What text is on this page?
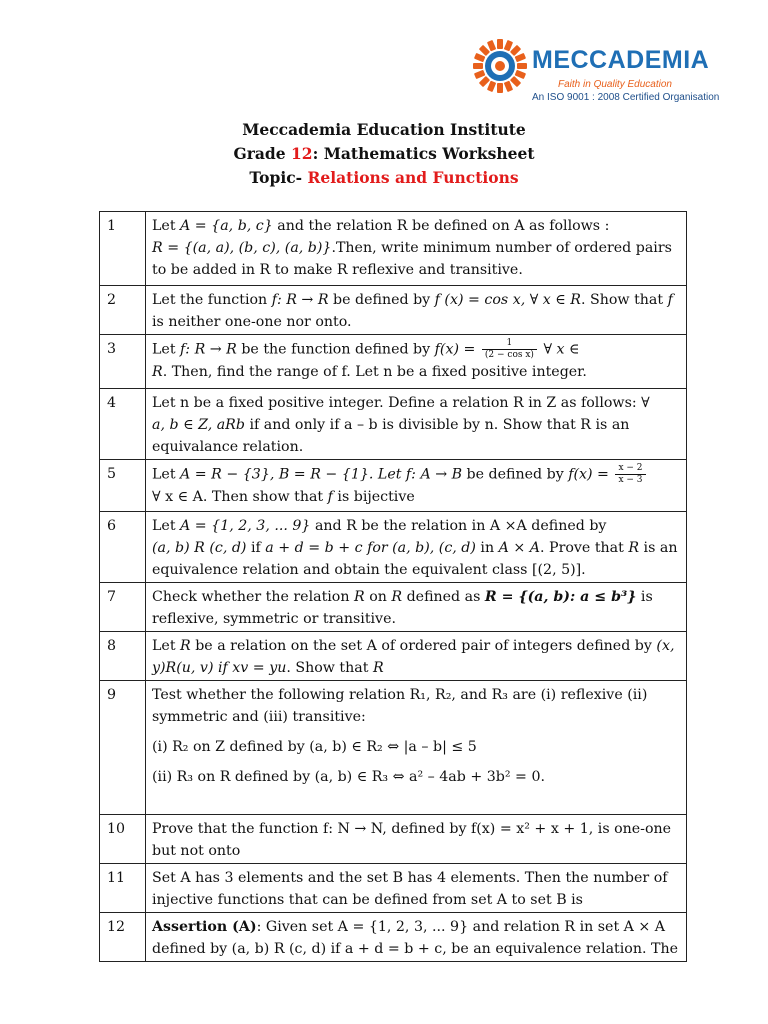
MECCADEMIA
Faith in Quality Education
An ISO 9001 : 2008 Certified Organisation
Meccademia Education Institute
Grade 12: Mathematics Worksheet
Topic- Relations and Functions
1	Let A = {a, b, c} and the relation R be defined on A as follows :
R = {(a, a), (b, c), (a, b)}.Then, write minimum number of ordered pairs to be added in R to make R reflexive and transitive.
2	Let the function f: R → R be defined by f (x) = cos x, ∀ x ∈ R. Show that f is neither one-one nor onto.
3	Let f: R → R be the function defined by $f(x) = \frac{1}{\text{(2 − cos x)}}$ ∀ x ∈
R. Then, find the range of f. Let n be a fixed positive integer.
4	Let n be a fixed positive integer. Define a relation R in Z as follows: ∀
a, b ∈ Z, aRb if and only if a – b is divisible by n. Show that R is an equivalance relation.
5	Let A = R − {3}, B = R − {1}. Let f: A → B be defined by $f(x) = \frac{x - 2}{x - 3}$

∀ x ∈ A. Then show that f is bijective
6	Let A = {1, 2, 3, ... 9} and R be the relation in A ×A defined by
(a, b) R (c, d) if a + d = b + c for (a, b), (c, d) in A × A. Prove that R is an equivalence relation and obtain the equivalent class [(2, 5)].
7	Check whether the relation R on R defined as R = {(a, b): a ≤ b³} is reflexive, symmetric or transitive.
8	Let R be a relation on the set A of ordered pair of integers defined by (x, y)R(u, v) if xv = yu. Show that R
9	Test whether the following relation R₁, R₂, and R₃ are (i) reflexive (ii) symmetric and (iii) transitive:
(i) R₂ on Z defined by (a, b) ∈ R₂ ⇔ |a – b| ≤ 5
(ii) R₃ on R defined by (a, b) ∈ R₃ ⇔ a² – 4ab + 3b² = 0.

10	Prove that the function f: N → N, defined by f(x) = x² + x + 1, is one-one but not onto
11	Set A has 3 elements and the set B has 4 elements. Then the number of injective functions that can be defined from set A to set B is
12	Assertion (A): Given set A = {1, 2, 3, ... 9} and relation R in set A × A defined by (a, b) R (c, d) if a + d = b + c, be an equivalence relation. The
